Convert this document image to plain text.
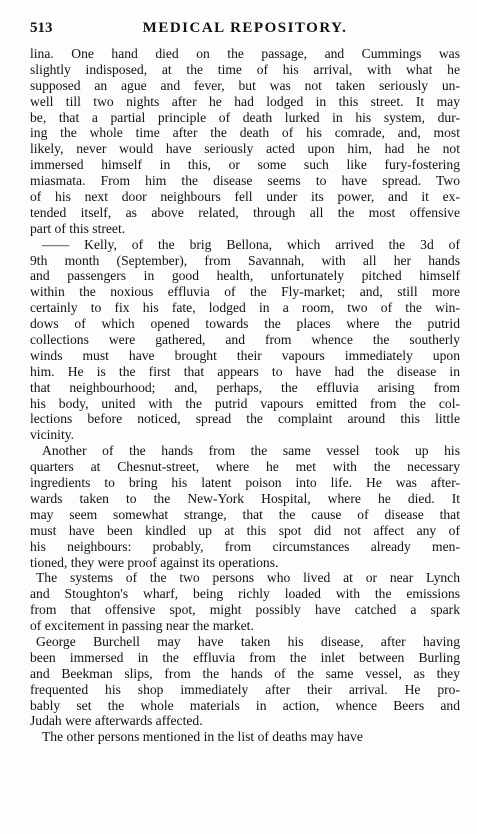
513	MEDICAL REPOSITORY.
lina. One hand died on the passage, and Cummings was
slightly indisposed, at the time of his arrival, with what he
supposed an ague and fever, but was not taken seriously un-
well till two nights after he had lodged in this street. It may
be, that a partial principle of death lurked in his system, dur-
ing the whole time after the death of his comrade, and, most
likely, never would have seriously acted upon him, had he not
immersed himself in this, or some such like fury-fostering
miasmata. From him the disease seems to have spread. Two
of his next door neighbours fell under its power, and it ex-
tended itself, as above related, through all the most offensive
part of this street.
—— Kelly, of the brig Bellona, which arrived the 3d of
9th month (September), from Savannah, with all her hands
and passengers in good health, unfortunately pitched himself
within the noxious effluvia of the Fly-market; and, still more
certainly to fix his fate, lodged in a room, two of the win-
dows of which opened towards the places where the putrid
collections were gathered, and from whence the southerly
winds must have brought their vapours immediately upon
him. He is the first that appears to have had the disease in
that neighbourhood; and, perhaps, the effluvia arising from
his body, united with the putrid vapours emitted from the col-
lections before noticed, spread the complaint around this little
vicinity.
Another of the hands from the same vessel took up his
quarters at Chesnut-street, where he met with the necessary
ingredients to bring his latent poison into life. He was after-
wards taken to the New-York Hospital, where he died. It
may seem somewhat strange, that the cause of disease that
must have been kindled up at this spot did not affect any of
his neighbours: probably, from circumstances already men-
tioned, they were proof against its operations.
The systems of the two persons who lived at or near Lynch
and Stoughton's wharf, being richly loaded with the emissions
from that offensive spot, might possibly have catched a spark
of excitement in passing near the market.
George Burchell may have taken his disease, after having
been immersed in the effluvia from the inlet between Burling
and Beekman slips, from the hands of the same vessel, as they
frequented his shop immediately after their arrival. He pro-
bably set the whole materials in action, whence Beers and
Judah were afterwards affected.
The other persons mentioned in the list of deaths may have
